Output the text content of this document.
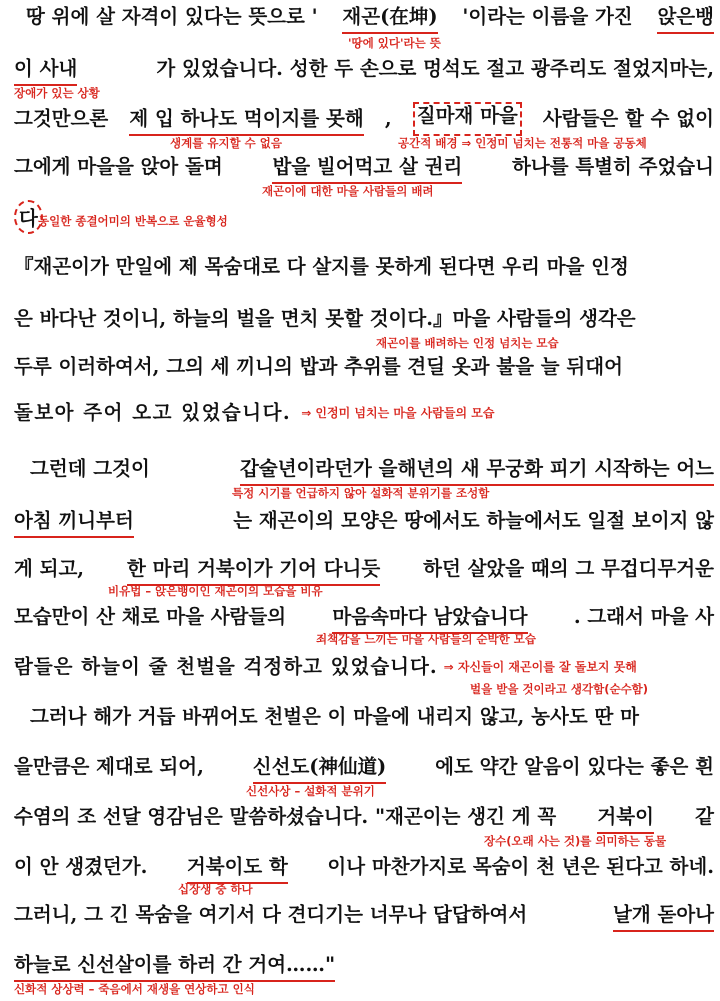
땅 위에 살 자격이 있다는 뜻으로 ' 재곤(在坤) '이라는 이름을 가진 앉은뱅
'땅에 있다'라는 뜻
이 사내	가 있었습니다. 성한 두 손으로 멍석도 절고 광주리도 절었지마는,
장애가 있는 상황
그것만으론 제 입 하나도 먹이지를 못해 , 질마재 마을 사람들은 할 수 없이
생계를 유지할 수 없음	공간적 배경 ⇒ 인정미 넘치는 전통적 마을 공동체
그에게 마을을 앉아 돌며	밥을 빌어먹고 살 권리	하나를 특별히 주었습니
재곤이에 대한 마을 사람들의 배려
다 동일한 종결어미의 반복으로 운율형성
『재곤이가 만일에 제 목숨대로 다 살지를 못하게 된다면 우리 마을 인정
은 바다난 것이니, 하늘의 벌을 면치 못할 것이다.』마을 사람들의 생각은
재곤이를 배려하는 인정 넘치는 모습
두루 이러하여서, 그의 세 끼니의 밥과 추위를 견딜 옷과 불을 늘 뒤대어
돌보아 주어 오고 있었습니다. ⇒ 인정미 넘치는 마을 사람들의 모습
그런데 그것이	갑술년이라던가 을해년의 새 무궁화 피기 시작하는 어느
특정 시기를 언급하지 않아 설화적 분위기를 조성함
아침 끼니부터	는 재곤이의 모양은 땅에서도 하늘에서도 일절 보이지 않
게 되고, 한 마리 거북이가 기어 다니듯 하던 살았을 때의 그 무겁디무거운
비유법 – 앉은뱅이인 재곤이의 모습을 비유
모습만이 산 채로 마을 사람들의 마음속마다 남았습니다 . 그래서 마을 사
죄책감을 느끼는 마을 사람들의 순박한 모습
람들은 하늘이 줄 천벌을 걱정하고 있었습니다. ⇒ 자신들이 재곤이를 잘 돌보지 못해
벌을 받을 것이라고 생각함(순수함)
그러나 해가 거듭 바뀌어도 천벌은 이 마을에 내리지 않고, 농사도 딴 마
을만큼은 제대로 되어,	신선도(神仙道)	에도 약간 알음이 있다는 좋은 흰
신선사상 – 설화적 분위기
수염의 조 선달 영감님은 말씀하셨습니다. "재곤이는 생긴 게 꼭 거북이 같
장수(오래 사는 것)를 의미하는 동물
이 안 생겼던가. 거북이도 학 이나 마찬가지로 목숨이 천 년은 된다고 하네.
십장생 중 하나
그러니, 그 긴 목숨을 여기서 다 견디기는 너무나 답답하여서	날개 돋아나
하늘로 신선살이를 하러 간 거여……"
신화적 상상력 – 죽음에서 재생을 연상하고 인식
